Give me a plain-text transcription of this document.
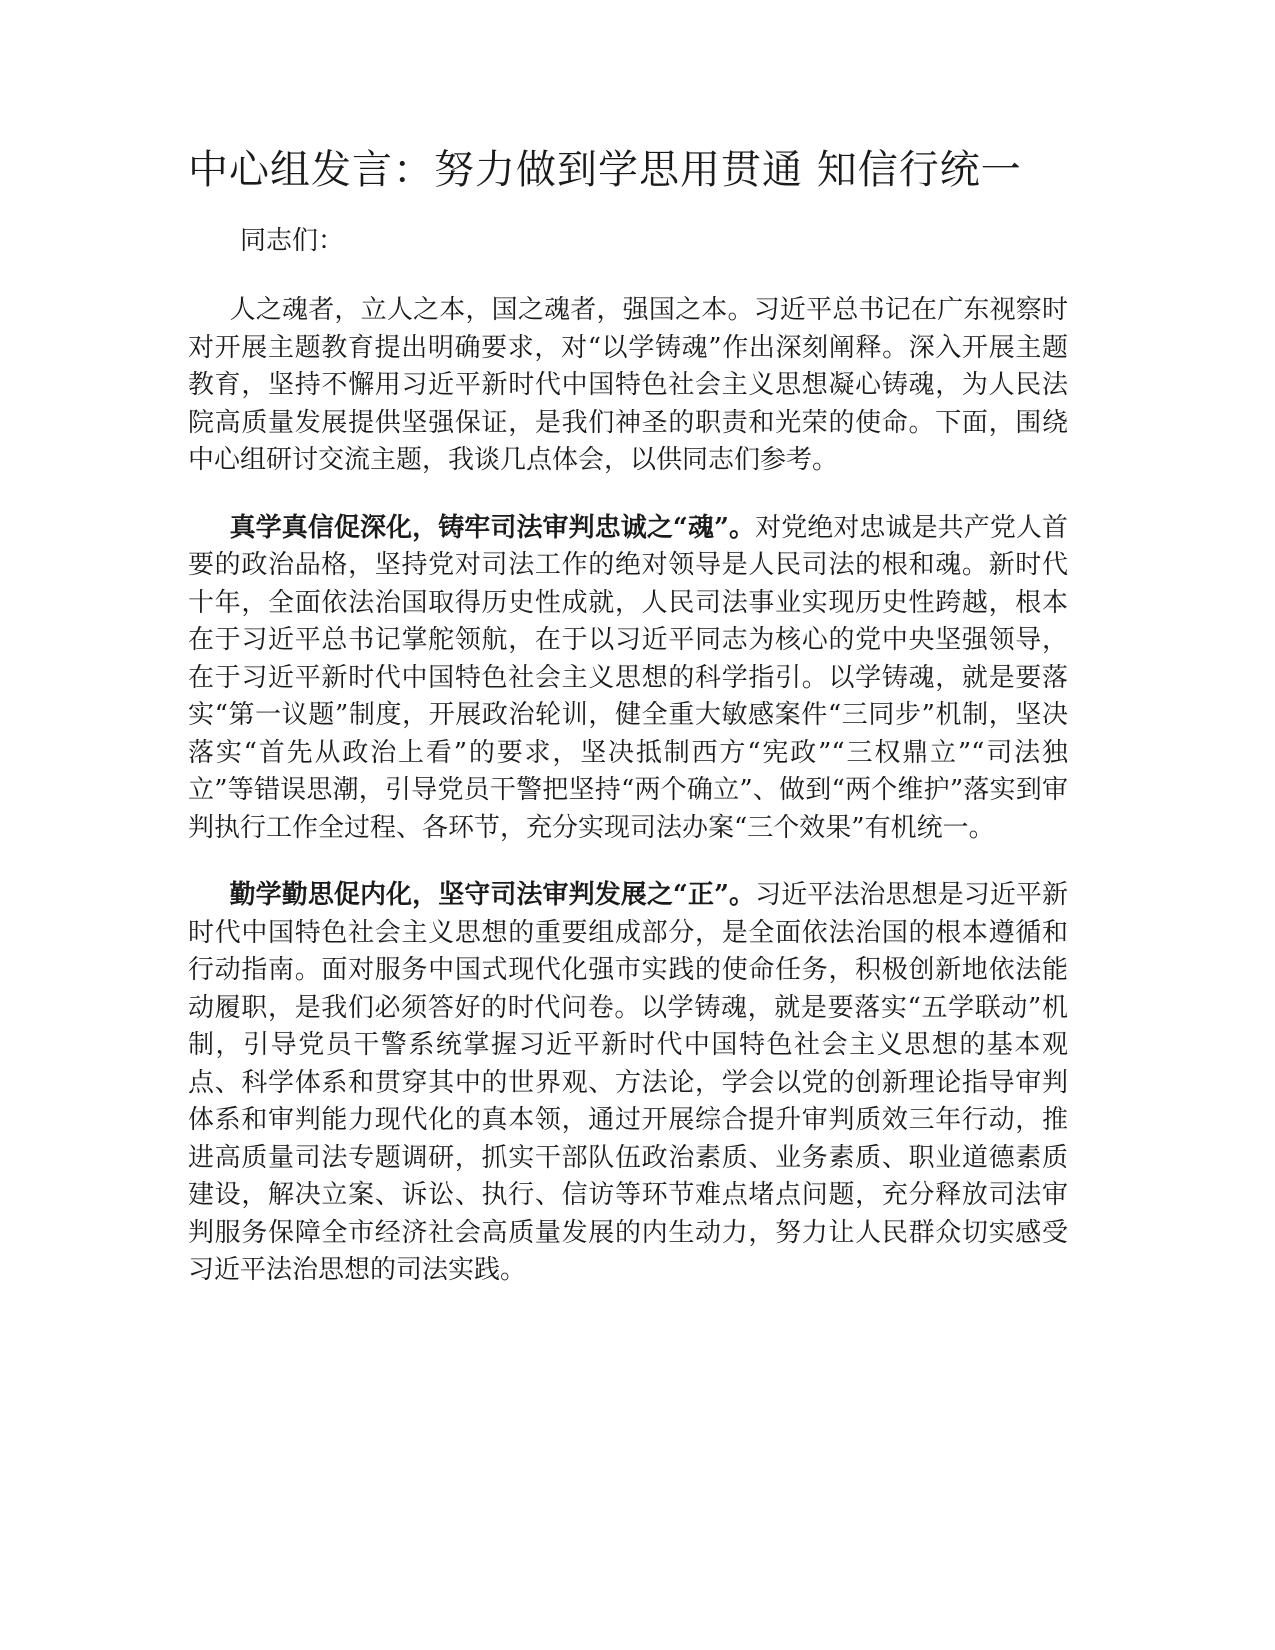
中心组发言：努力做到学思用贯通 知信行统一

同志们：

人之魂者，立人之本，国之魂者，强国之本。习近平总书记在广东视察时对开展主题教育提出明确要求，对“以学铸魂”作出深刻阐释。深入开展主题教育，坚持不懈用习近平新时代中国特色社会主义思想凝心铸魂，为人民法院高质量发展提供坚强保证，是我们神圣的职责和光荣的使命。下面，围绕中心组研讨交流主题，我谈几点体会，以供同志们参考。

真学真信促深化，铸牢司法审判忠诚之“魂”。对党绝对忠诚是共产党人首要的政治品格，坚持党对司法工作的绝对领导是人民司法的根和魂。新时代十年，全面依法治国取得历史性成就，人民司法事业实现历史性跨越，根本在于习近平总书记掌舵领航，在于以习近平同志为核心的党中央坚强领导，在于习近平新时代中国特色社会主义思想的科学指引。以学铸魂，就是要落实“第一议题”制度，开展政治轮训，健全重大敏感案件“三同步”机制，坚决落实“首先从政治上看”的要求，坚决抵制西方“宪政”“三权鼎立”“司法独立”等错误思潮，引导党员干警把坚持“两个确立”、做到“两个维护”落实到审判执行工作全过程、各环节，充分实现司法办案“三个效果”有机统一。

勤学勤思促内化，坚守司法审判发展之“正”。习近平法治思想是习近平新时代中国特色社会主义思想的重要组成部分，是全面依法治国的根本遵循和行动指南。面对服务中国式现代化强市实践的使命任务，积极创新地依法能动履职，是我们必须答好的时代问卷。以学铸魂，就是要落实“五学联动”机制，引导党员干警系统掌握习近平新时代中国特色社会主义思想的基本观点、科学体系和贯穿其中的世界观、方法论，学会以党的创新理论指导审判体系和审判能力现代化的真本领，通过开展综合提升审判质效三年行动，推进高质量司法专题调研，抓实干部队伍政治素质、业务素质、职业道德素质建设，解决立案、诉讼、执行、信访等环节难点堵点问题，充分释放司法审判服务保障全市经济社会高质量发展的内生动力，努力让人民群众切实感受习近平法治思想的司法实践。
